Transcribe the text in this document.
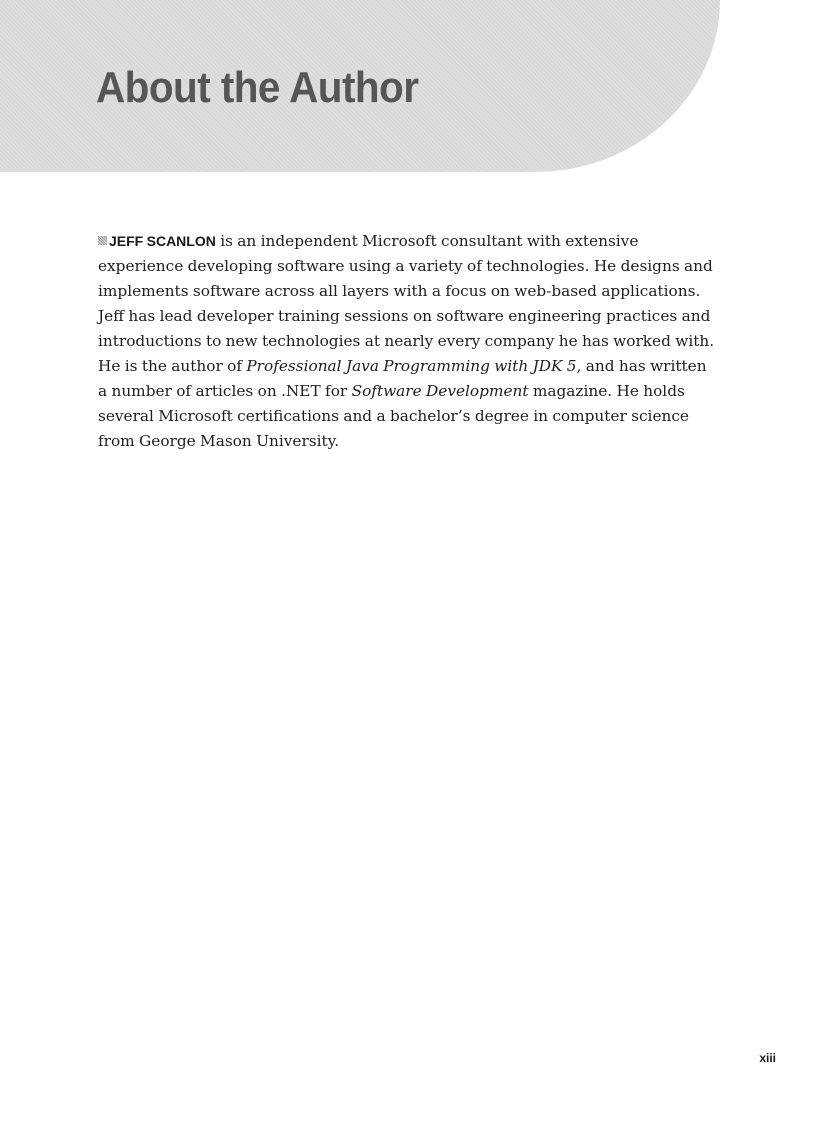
About the Author

JEFF SCANLON is an independent Microsoft consultant with extensive experience developing software using a variety of technologies. He designs and implements software across all layers with a focus on web-based applications. Jeff has lead developer training sessions on software engineering practices and introductions to new technologies at nearly every company he has worked with. He is the author of Professional Java Programming with JDK 5, and has written a number of articles on .NET for Software Development magazine. He holds several Microsoft certifications and a bachelor’s degree in computer science from George Mason University.

xiii
